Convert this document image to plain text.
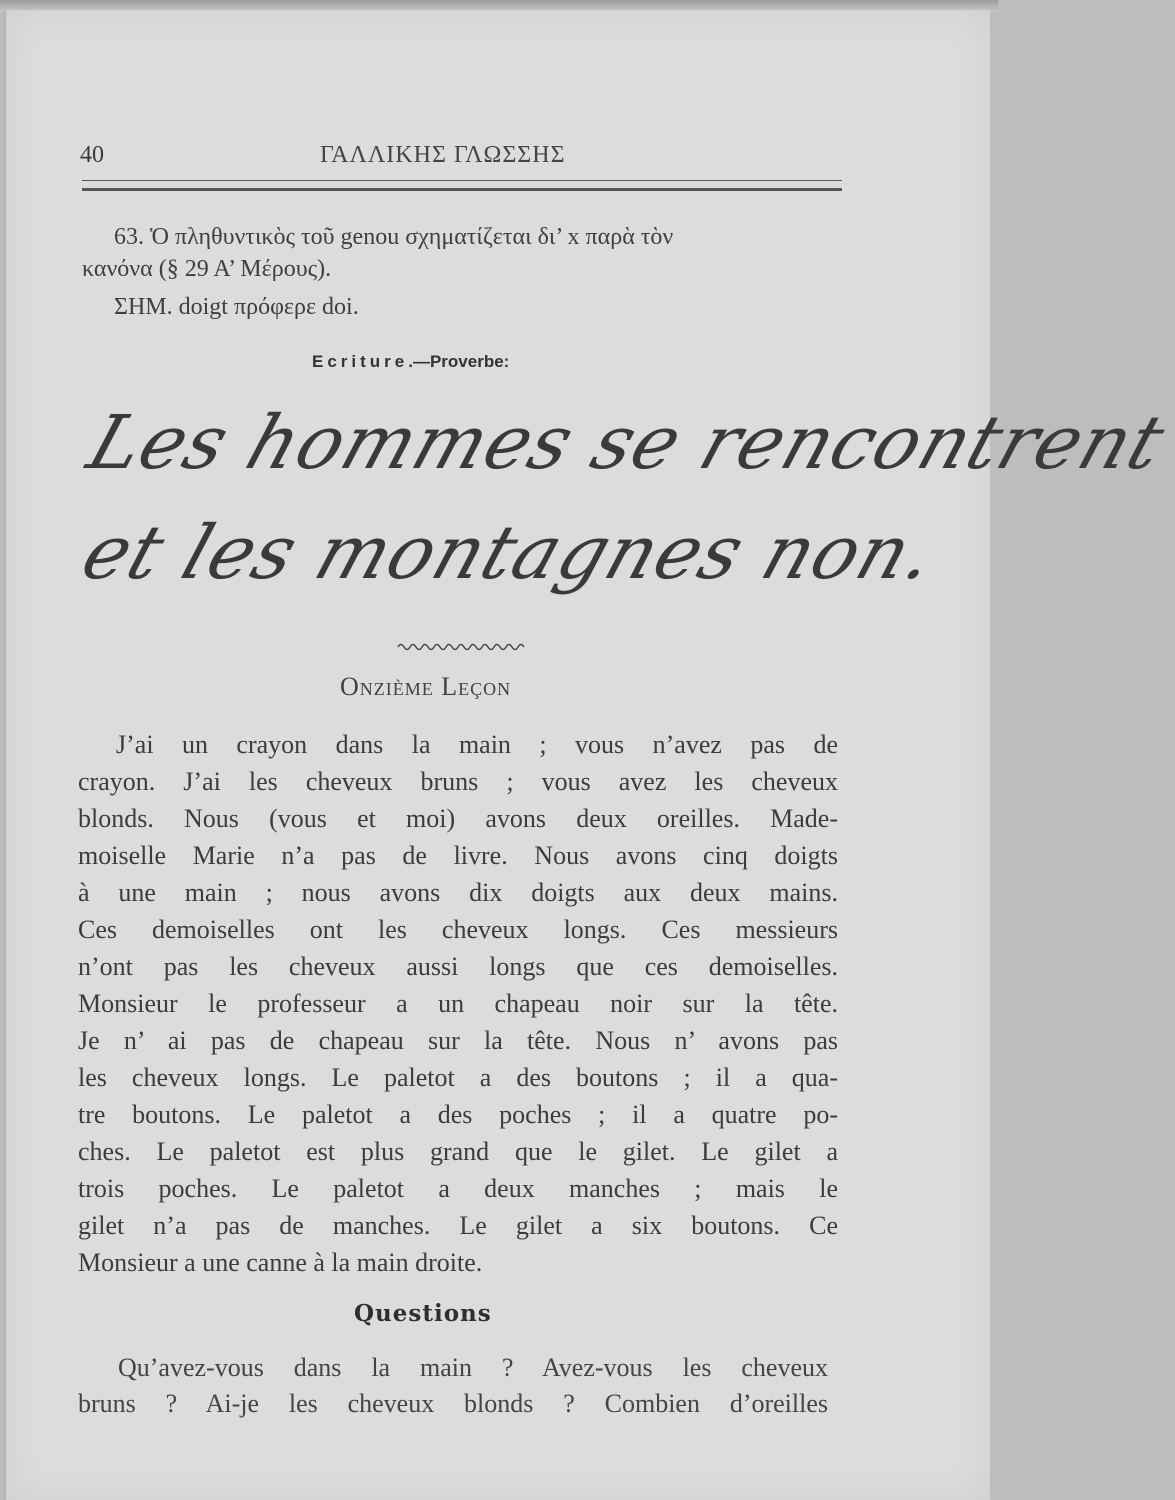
40	ΓΑΛΛΙΚΗΣ ΓΛΩΣΣΗΣ
63. Ὁ πληθυντικὸς τοῦ genou σχηματίζεται δι’ x παρὰ τὸν
κανόνα (§ 29 Α’ Μέρους).
ΣΗΜ. doigt πρόφερε doi.
Ecriture.—Proverbe:
Les hommes se rencontrent
et les montagnes non.
Onzième Leçon
J’ai un crayon dans la main ; vous n’avez pas de
crayon. J’ai les cheveux bruns ; vous avez les cheveux
blonds. Nous (vous et moi) avons deux oreilles. Made-
moiselle Marie n’a pas de livre. Nous avons cinq doigts
à une main ; nous avons dix doigts aux deux mains.
Ces demoiselles ont les cheveux longs. Ces messieurs
n’ont pas les cheveux aussi longs que ces demoiselles.
Monsieur le professeur a un chapeau noir sur la tête.
Je n’ ai pas de chapeau sur la tête. Nous n’ avons pas
les cheveux longs. Le paletot a des boutons ; il a qua-
tre boutons. Le paletot a des poches ; il a quatre po-
ches. Le paletot est plus grand que le gilet. Le gilet a
trois poches. Le paletot a deux manches ; mais le
gilet n’a pas de manches. Le gilet a six boutons. Ce
Monsieur a une canne à la main droite.
Questions
Qu’avez-vous dans la main ? Avez-vous les cheveux
bruns ? Ai-je les cheveux blonds ? Combien d’oreilles
